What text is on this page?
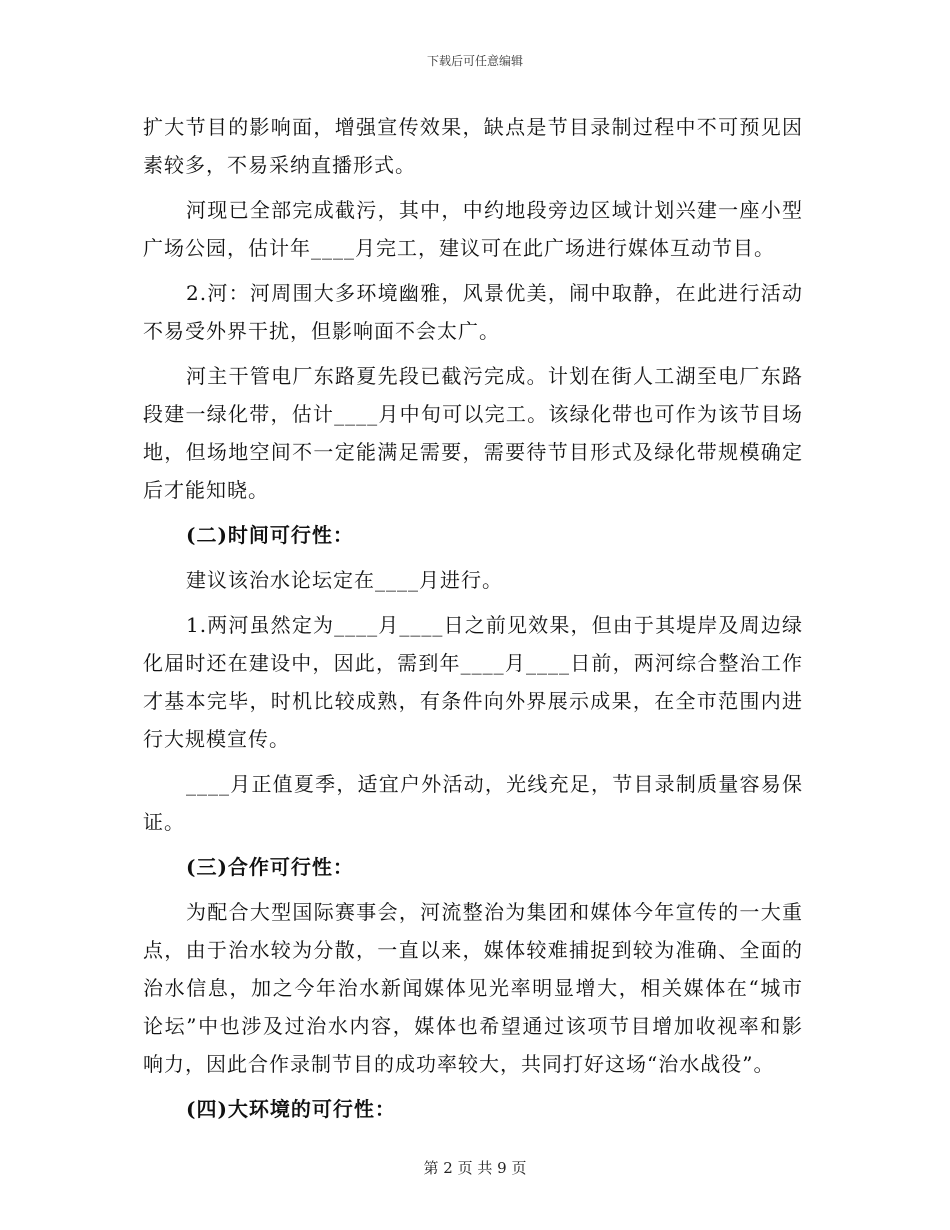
下载后可任意编辑

扩大节目的影响面，增强宣传效果，缺点是节目录制过程中不可预见因素较多，不易采纳直播形式。

河现已全部完成截污，其中，中约地段旁边区域计划兴建一座小型广场公园，估计年____月完工，建议可在此广场进行媒体互动节目。

2.河：河周围大多环境幽雅，风景优美，闹中取静，在此进行活动不易受外界干扰，但影响面不会太广。

河主干管电厂东路夏先段已截污完成。计划在街人工湖至电厂东路段建一绿化带，估计____月中旬可以完工。该绿化带也可作为该节目场地，但场地空间不一定能满足需要，需要待节目形式及绿化带规模确定后才能知晓。

(二)时间可行性：

建议该治水论坛定在____月进行。

1.两河虽然定为____月____日之前见效果，但由于其堤岸及周边绿化届时还在建设中，因此，需到年____月____日前，两河综合整治工作才基本完毕，时机比较成熟，有条件向外界展示成果，在全市范围内进行大规模宣传。

____月正值夏季，适宜户外活动，光线充足，节目录制质量容易保证。

(三)合作可行性：

为配合大型国际赛事会，河流整治为集团和媒体今年宣传的一大重点，由于治水较为分散，一直以来，媒体较难捕捉到较为准确、全面的治水信息，加之今年治水新闻媒体见光率明显增大，相关媒体在“城市论坛”中也涉及过治水内容，媒体也希望通过该项节目增加收视率和影响力，因此合作录制节目的成功率较大，共同打好这场“治水战役”。

(四)大环境的可行性：

第 2 页 共 9 页
